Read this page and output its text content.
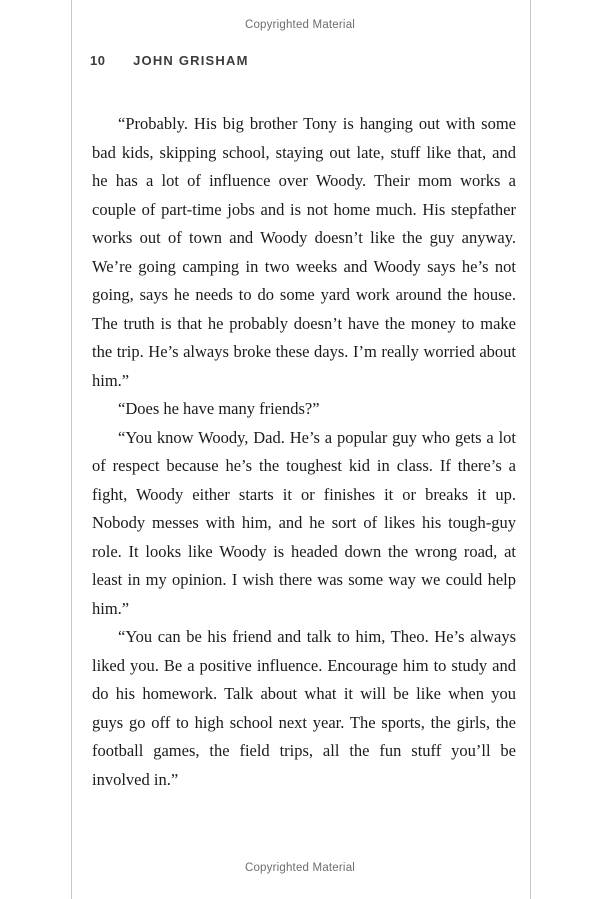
Copyrighted Material
10 JOHN GRISHAM

“Probably. His big brother Tony is hanging out with some bad kids, skipping school, staying out late, stuff like that, and he has a lot of influence over Woody. Their mom works a couple of part-time jobs and is not home much. His stepfather works out of town and Woody doesn’t like the guy anyway. We’re going camping in two weeks and Woody says he’s not going, says he needs to do some yard work around the house. The truth is that he probably doesn’t have the money to make the trip. He’s always broke these days. I’m really worried about him.”

“Does he have many friends?”

“You know Woody, Dad. He’s a popular guy who gets a lot of respect because he’s the toughest kid in class. If there’s a fight, Woody either starts it or finishes it or breaks it up. Nobody messes with him, and he sort of likes his tough-guy role. It looks like Woody is headed down the wrong road, at least in my opinion. I wish there was some way we could help him.”

“You can be his friend and talk to him, Theo. He’s always liked you. Be a positive influence. Encourage him to study and do his homework. Talk about what it will be like when you guys go off to high school next year. The sports, the girls, the football games, the field trips, all the fun stuff you’ll be involved in.”

Copyrighted Material
